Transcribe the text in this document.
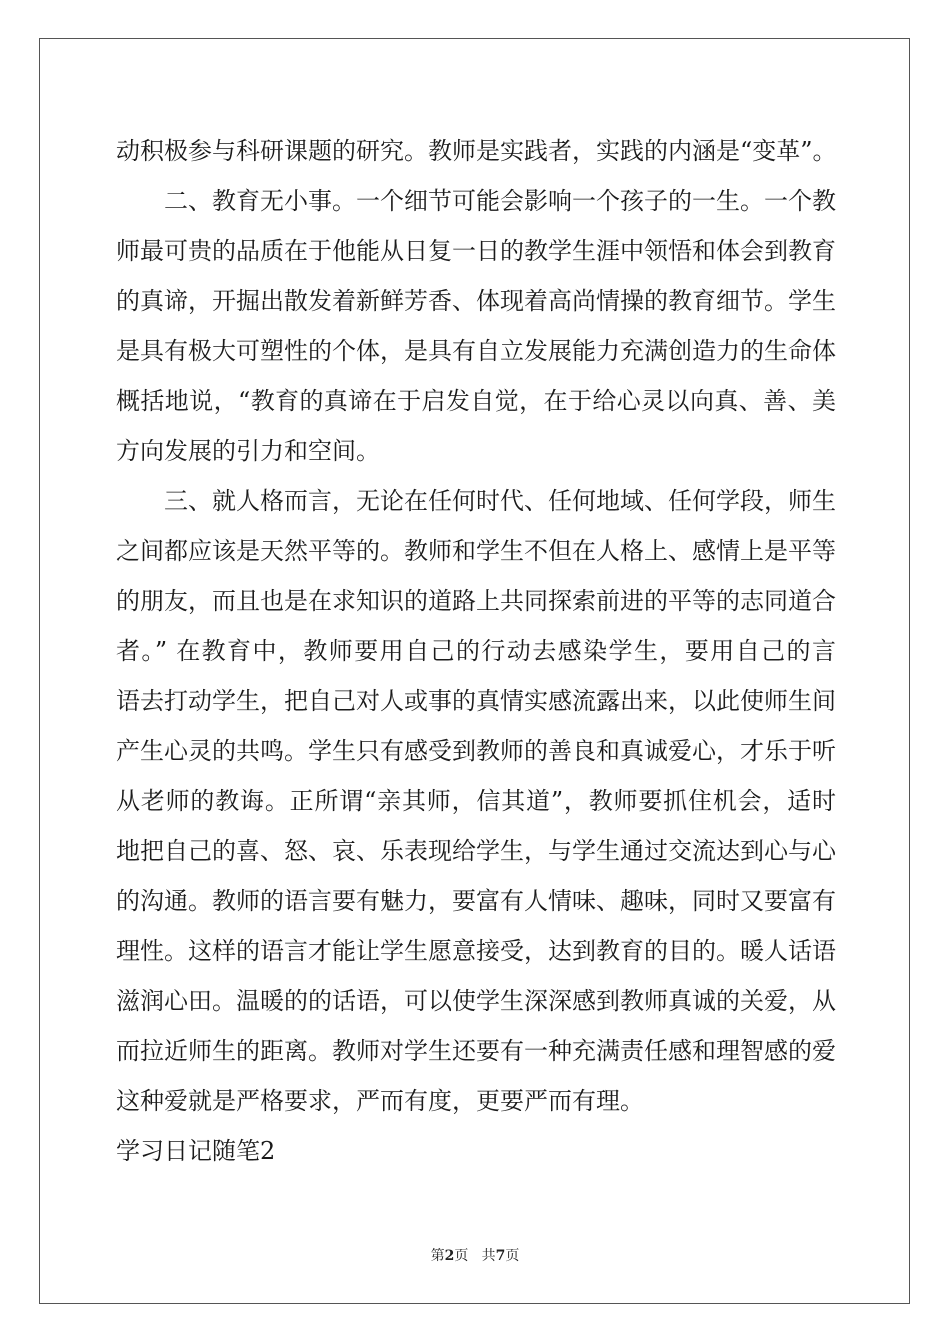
动积极参与科研课题的研究。教师是实践者，实践的内涵是“变革”。
二、教育无小事。一个细节可能会影响一个孩子的一生。一个教
师最可贵的品质在于他能从日复一日的教学生涯中领悟和体会到教育
的真谛，开掘出散发着新鲜芳香、体现着高尚情操的教育细节。学生
是具有极大可塑性的个体，是具有自立发展能力充满创造力的生命体
概括地说，“教育的真谛在于启发自觉，在于给心灵以向真、善、美
方向发展的引力和空间。
三、就人格而言，无论在任何时代、任何地域、任何学段，师生
之间都应该是天然平等的。教师和学生不但在人格上、感情上是平等
的朋友，而且也是在求知识的道路上共同探索前进的平等的志同道合
者。” 在教育中，教师要用自己的行动去感染学生，要用自己的言
语去打动学生，把自己对人或事的真情实感流露出来，以此使师生间
产生心灵的共鸣。学生只有感受到教师的善良和真诚爱心，才乐于听
从老师的教诲。正所谓“亲其师，信其道”，教师要抓住机会，适时
地把自己的喜、怒、哀、乐表现给学生，与学生通过交流达到心与心
的沟通。教师的语言要有魅力，要富有人情味、趣味，同时又要富有
理性。这样的语言才能让学生愿意接受，达到教育的目的。暖人话语
滋润心田。温暖的的话语，可以使学生深深感到教师真诚的关爱，从
而拉近师生的距离。教师对学生还要有一种充满责任感和理智感的爱
这种爱就是严格要求，严而有度，更要严而有理。
学习日记随笔2
第2页 共7页
